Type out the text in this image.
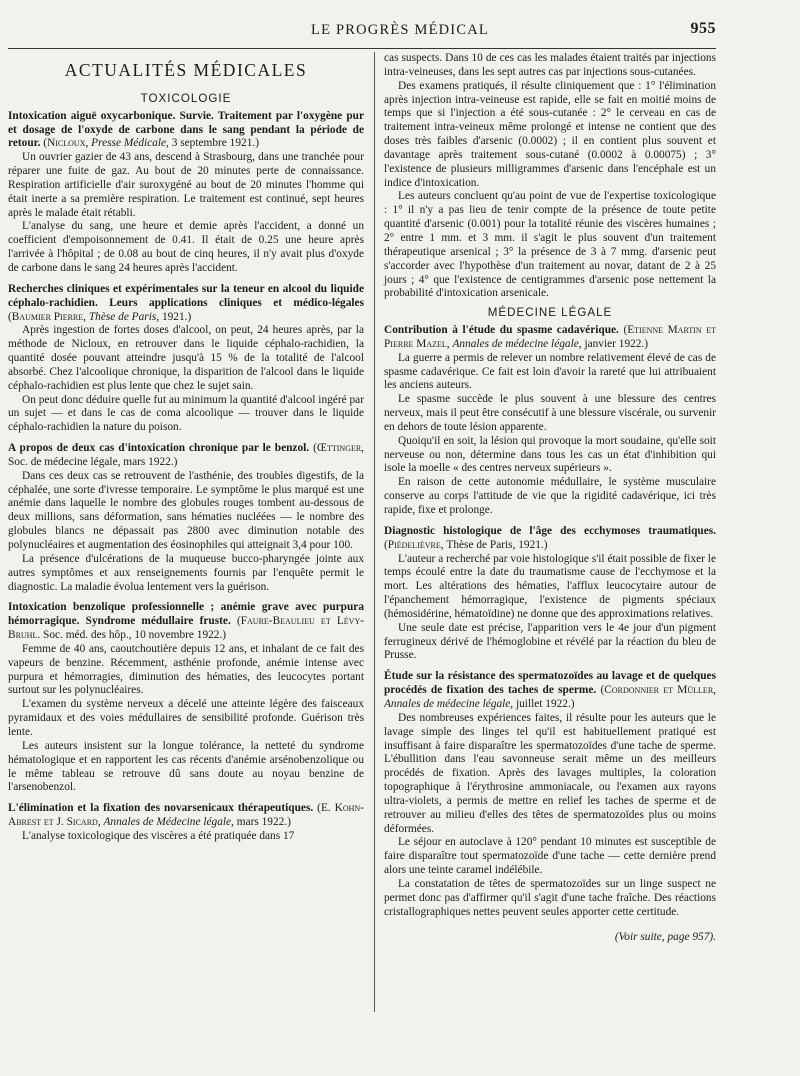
LE PROGRÈS MÉDICAL	955
ACTUALITÉS MÉDICALES
TOXICOLOGIE

Intoxication aiguë oxycarbonique. Survie. Traitement par l'oxygène pur et dosage de l'oxyde de carbone dans le sang pendant la période de retour. (Nicloux, Presse Médicale, 3 septembre 1921.)

Un ouvrier gazier de 43 ans, descend à Strasbourg, dans une tranchée pour réparer une fuite de gaz. Au bout de 20 minutes perte de connaissance. Respiration artificielle d'air suroxygéné au bout de 20 minutes l'homme qui était inerte a sa première respiration. Le traitement est continué, sept heures après le malade était rétabli.

L'analyse du sang, une heure et demie après l'accident, a donné un coefficient d'empoisonnement de 0.41. Il était de 0.25 une heure après l'arrivée à l'hôpital ; de 0.08 au bout de cinq heures, il n'y avait plus d'oxyde de carbone dans le sang 24 heures après l'accident.

Recherches cliniques et expérimentales sur la teneur en alcool du liquide céphalo-rachidien. Leurs applications cliniques et médico-légales (Baumier Pierre, Thèse de Paris, 1921.)

Après ingestion de fortes doses d'alcool, on peut, 24 heures après, par la méthode de Nicloux, en retrouver dans le liquide céphalo-rachidien, la quantité dosée pouvant atteindre jusqu'à 15 % de la totalité de l'alcool absorbé. Chez l'alcoolique chronique, la disparition de l'alcool dans le liquide céphalo-rachidien est plus lente que chez le sujet sain.

On peut donc déduire quelle fut au minimum la quantité d'alcool ingéré par un sujet — et dans le cas de coma alcoolique — trouver dans le liquide céphalo-rachidien la nature du poison.

A propos de deux cas d'intoxication chronique par le benzol. (Œttinger, Soc. de médecine légale, mars 1922.)

Dans ces deux cas se retrouvent de l'asthénie, des troubles digestifs, de la céphalée, une sorte d'ivresse temporaire. Le symptôme le plus marqué est une anémie dans laquelle le nombre des globules rouges tombent au-dessous de deux millions, sans déformation, sans hématies nucléées — le nombre des globules blancs ne dépassait pas 2800 avec diminution notable des polynucléaires et augmentation des éosinophiles qui atteignait 3,4 pour 100.

La présence d'ulcérations de la muqueuse bucco-pharyngée jointe aux autres symptômes et aux renseignements fournis par l'enquête permit le diagnostic. La maladie évolua lentement vers la guérison.

Intoxication benzolique professionnelle ; anémie grave avec purpura hémorragique. Syndrome médullaire fruste. (Faure-Beaulieu et Lévy-Bruhl. Soc. méd. des hôp., 10 novembre 1922.)

Femme de 40 ans, caoutchoutière depuis 12 ans, et inhalant de ce fait des vapeurs de benzine. Récemment, asthénie profonde, anémie intense avec purpura et hémorragies, diminution des hématies, des leucocytes portant surtout sur les polynucléaires.

L'examen du système nerveux a décelé une atteinte légère des faisceaux pyramidaux et des voies médullaires de sensibilité profonde. Guérison très lente.

Les auteurs insistent sur la longue tolérance, la netteté du syndrome hématologique et en rapportent les cas récents d'anémie arsénobenzolique ou le même tableau se retrouve dû sans doute au noyau benzine de l'arsenobenzol.

L'élimination et la fixation des novarsenicaux thérapeutiques. (E. Kohn-Abrest et J. Sicard, Annales de Médecine légale, mars 1922.)

L'analyse toxicologique des viscères a été pratiquée dans 17

cas suspects. Dans 10 de ces cas les malades étaient traités par injections intra-veineuses, dans les sept autres cas par injections sous-cutanées.

Des examens pratiqués, il résulte cliniquement que : 1° l'élimination après injection intra-veineuse est rapide, elle se fait en moitié moins de temps que si l'injection a été sous-cutanée : 2° le cerveau en cas de traitement intra-veineux même prolongé et intense ne contient que des doses très faibles d'arsenic (0.0002) ; il en contient plus souvent et davantage après traitement sous-cutané (0.0002 à 0.00075) ; 3° l'existence de plusieurs milligrammes d'arsenic dans l'encéphale est un indice d'intoxication.

Les auteurs concluent qu'au point de vue de l'expertise toxicologique : 1° il n'y a pas lieu de tenir compte de la présence de toute petite quantité d'arsenic (0.001) pour la totalité réunie des viscères humaines ; 2° entre 1 mm. et 3 mm. il s'agit le plus souvent d'un traitement thérapeutique arsenical ; 3° la présence de 3 à 7 mmg. d'arsenic peut s'accorder avec l'hypothèse d'un traitement au novar, datant de 2 à 25 jours ; 4° que l'existence de centigrammes d'arsenic pose nettement la probabilité d'intoxication arsenicale.

MÉDECINE LÉGALE

Contribution à l'étude du spasme cadavérique. (Etienne Martin et Pierre Mazel, Annales de médecine légale, janvier 1922.)

La guerre a permis de relever un nombre relativement élevé de cas de spasme cadavérique. Ce fait est loin d'avoir la rareté que lui attribuaient les anciens auteurs.

Le spasme succède le plus souvent à une blessure des centres nerveux, mais il peut être consécutif à une blessure viscérale, ou survenir en dehors de toute lésion apparente.

Quoiqu'il en soit, la lésion qui provoque la mort soudaine, qu'elle soit nerveuse ou non, détermine dans tous les cas un état d'inhibition qui isole la moelle « des centres nerveux supérieurs ».

En raison de cette autonomie médullaire, le système musculaire conserve au corps l'attitude de vie que la rigidité cadavérique, ici très rapide, fixe et prolonge.

Diagnostic histologique de l'âge des ecchymoses traumatiques. (Piédelièvre, Thèse de Paris, 1921.)

L'auteur a recherché par voie histologique s'il était possible de fixer le temps écoulé entre la date du traumatisme cause de l'ecchymose et la mort. Les altérations des hématies, l'afflux leucocytaire autour de l'épanchement hémorragique, l'existence de pigments spéciaux (hémosidérine, hématoïdine) ne donne que des approximations relatives.

Une seule date est précise, l'apparition vers le 4e jour d'un pigment ferrugineux dérivé de l'hémoglobine et révélé par la réaction du bleu de Prusse.

Étude sur la résistance des spermatozoïdes au lavage et de quelques procédés de fixation des taches de sperme. (Cordonnier et Müller, Annales de médecine légale, juillet 1922.)

Des nombreuses expériences faites, il résulte pour les auteurs que le lavage simple des linges tel qu'il est habituellement pratiqué est insuffisant à faire disparaître les spermatozoïdes d'une tache de sperme. L'ébullition dans l'eau savonneuse serait même un des meilleurs procédés de fixation. Après des lavages multiples, la coloration topographique à l'érythrosine ammoniacale, ou l'examen aux rayons ultra-violets, a permis de mettre en relief les taches de sperme et de retrouver au milieu d'elles des têtes de spermatozoïdes plus ou moins déformées.

Le séjour en autoclave à 120° pendant 10 minutes est susceptible de faire disparaître tout spermatozoïde d'une tache — cette dernière prend alors une teinte caramel indélébile.

La constatation de têtes de spermatozoïdes sur un linge suspect ne permet donc pas d'affirmer qu'il s'agit d'une tache fraîche. Des réactions cristallographiques nettes peuvent seules apporter cette certitude.

(Voir suite, page 957).
